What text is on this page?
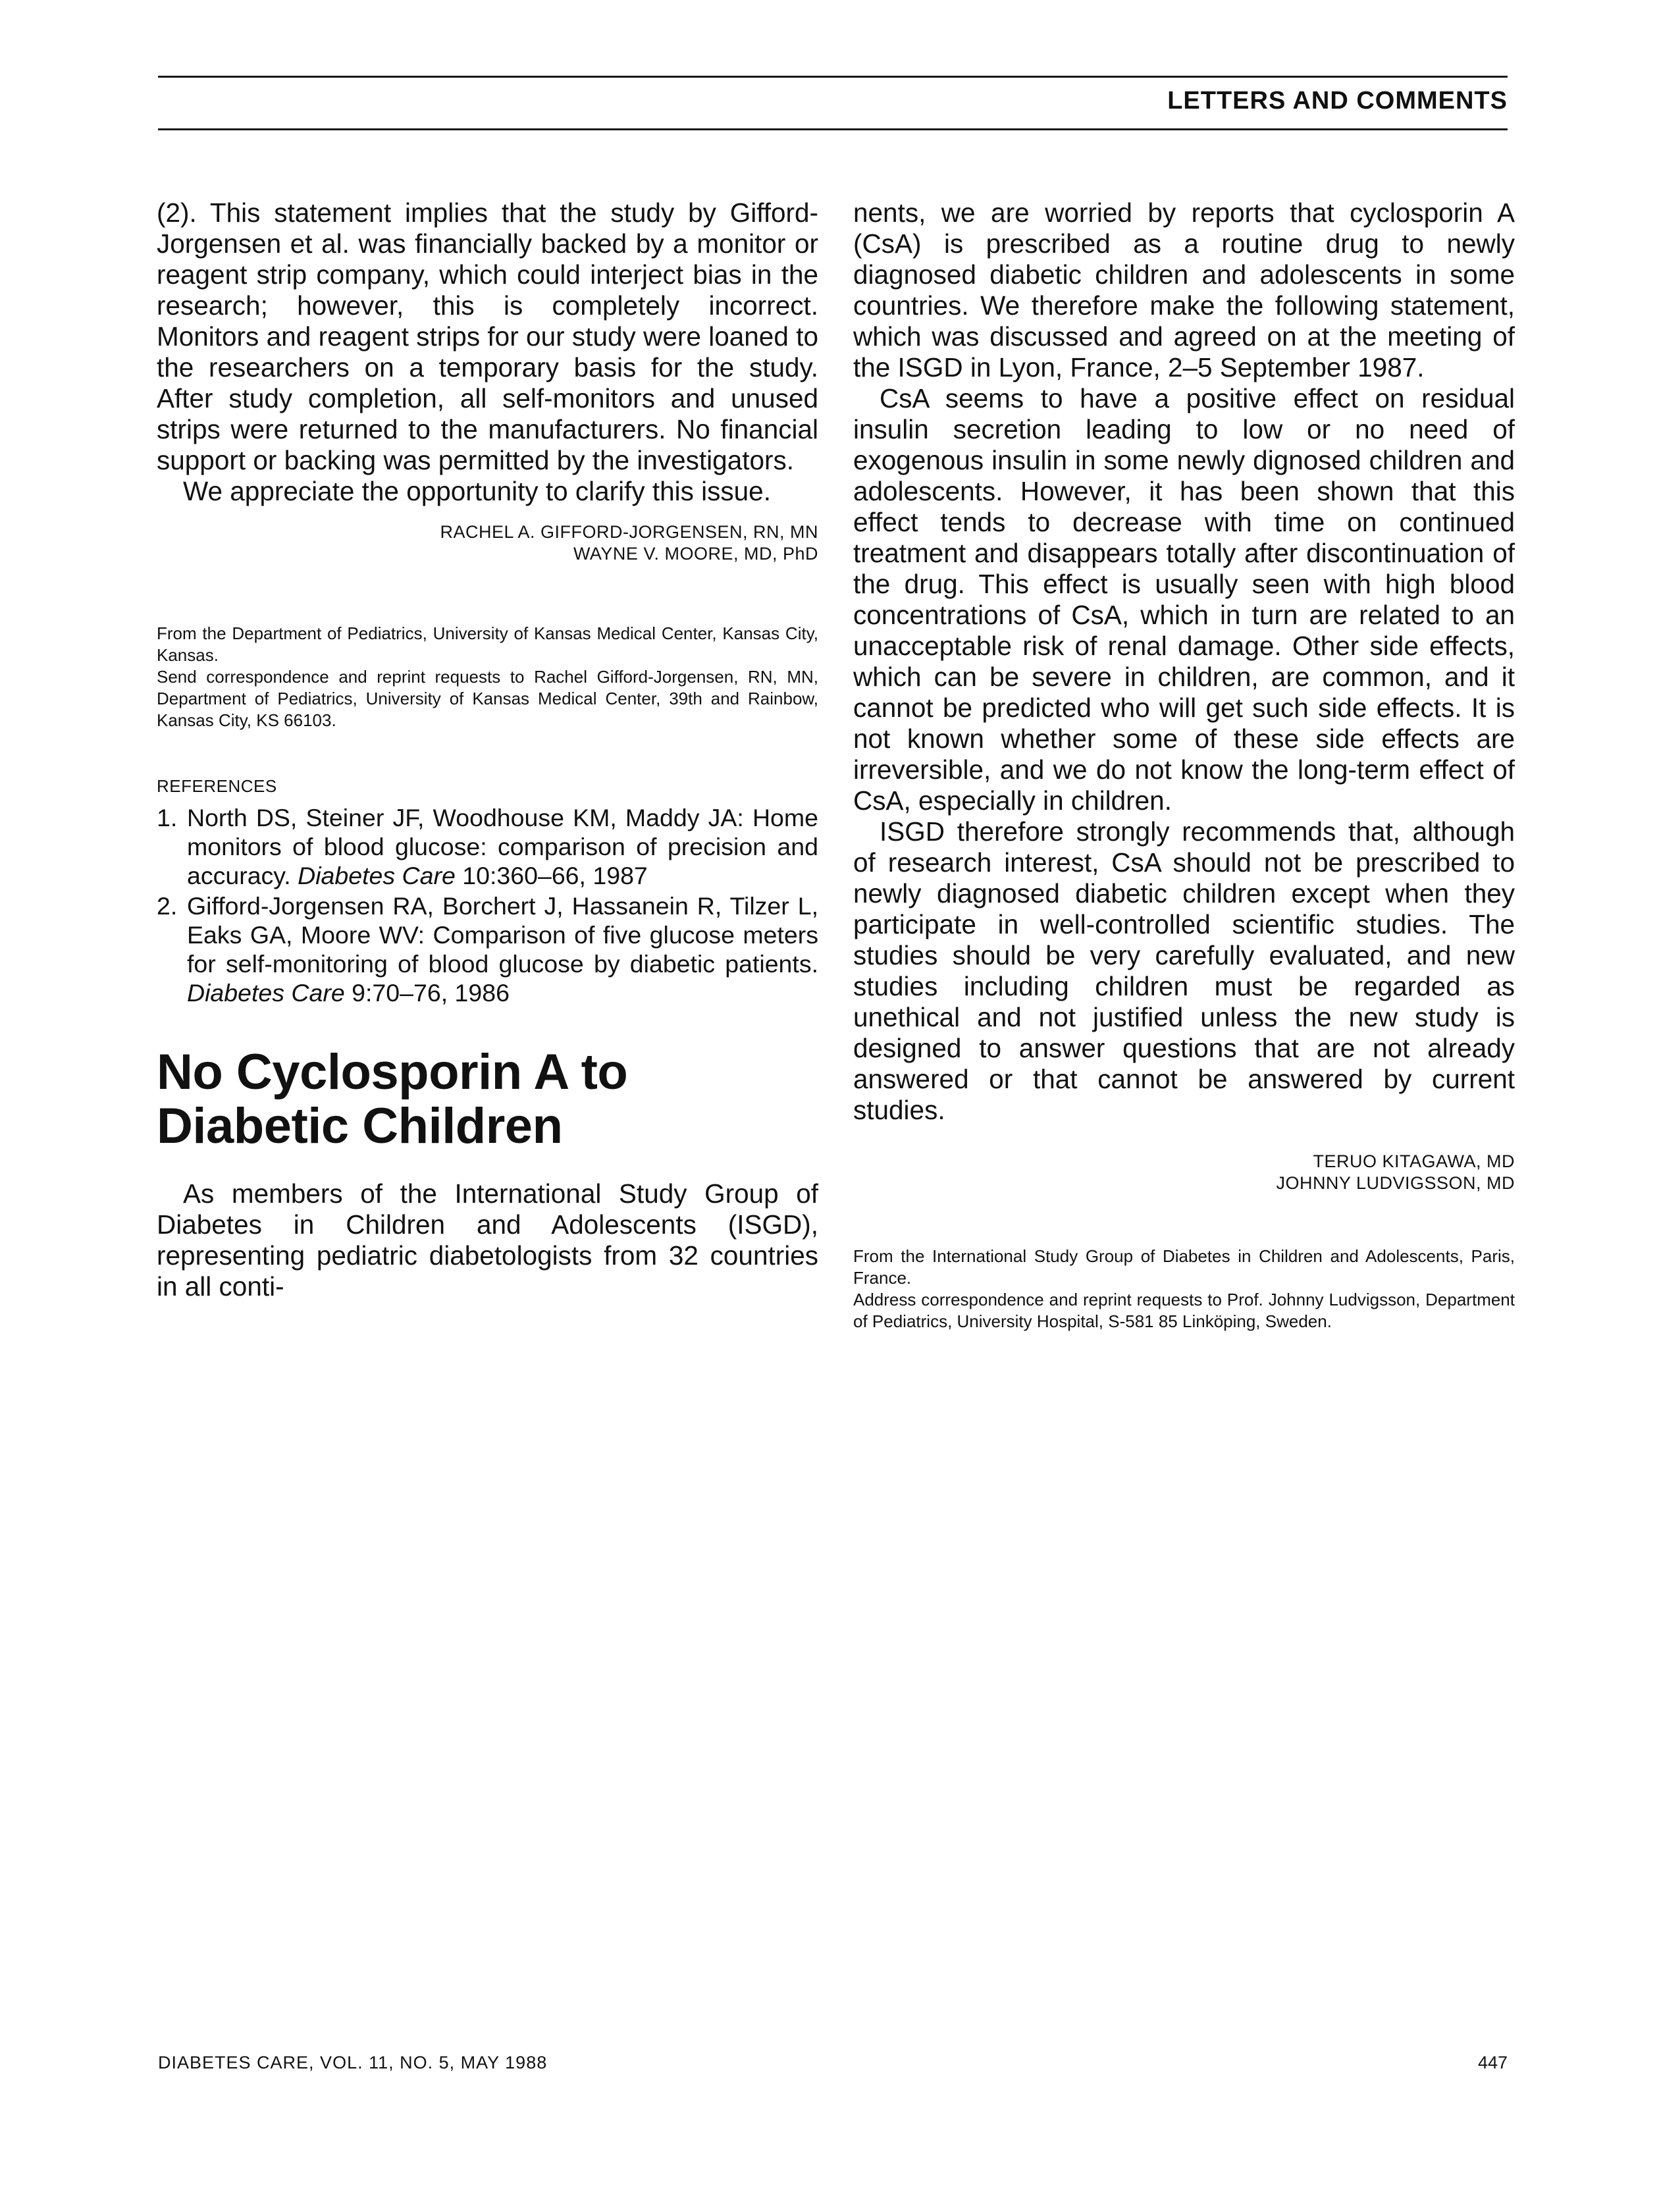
LETTERS AND COMMENTS

(2). This statement implies that the study by Gifford-Jorgensen et al. was financially backed by a monitor or reagent strip company, which could interject bias in the research; however, this is completely incorrect. Monitors and reagent strips for our study were loaned to the researchers on a temporary basis for the study. After study completion, all self-monitors and unused strips were returned to the manufacturers. No financial support or backing was permitted by the investigators.

We appreciate the opportunity to clarify this issue.

RACHEL A. GIFFORD-JORGENSEN, RN, MN
WAYNE V. MOORE, MD, PhD

From the Department of Pediatrics, University of Kansas Medical Center, Kansas City, Kansas.

Send correspondence and reprint requests to Rachel Gifford-Jorgensen, RN, MN, Department of Pediatrics, University of Kansas Medical Center, 39th and Rainbow, Kansas City, KS 66103.

REFERENCES
1. North DS, Steiner JF, Woodhouse KM, Maddy JA: Home monitors of blood glucose: comparison of precision and accuracy. Diabetes Care 10:360–66, 1987
2. Gifford-Jorgensen RA, Borchert J, Hassanein R, Tilzer L, Eaks GA, Moore WV: Comparison of five glucose meters for self-monitoring of blood glucose by diabetic patients. Diabetes Care 9:70–76, 1986
No Cyclosporin A to Diabetic Children

As members of the International Study Group of Diabetes in Children and Adolescents (ISGD), representing pediatric diabetologists from 32 countries in all conti-

nents, we are worried by reports that cyclosporin A (CsA) is prescribed as a routine drug to newly diagnosed diabetic children and adolescents in some countries. We therefore make the following statement, which was discussed and agreed on at the meeting of the ISGD in Lyon, France, 2–5 September 1987.

CsA seems to have a positive effect on residual insulin secretion leading to low or no need of exogenous insulin in some newly dignosed children and adolescents. However, it has been shown that this effect tends to decrease with time on continued treatment and disappears totally after discontinuation of the drug. This effect is usually seen with high blood concentrations of CsA, which in turn are related to an unacceptable risk of renal damage. Other side effects, which can be severe in children, are common, and it cannot be predicted who will get such side effects. It is not known whether some of these side effects are irreversible, and we do not know the long-term effect of CsA, especially in children.

ISGD therefore strongly recommends that, although of research interest, CsA should not be prescribed to newly diagnosed diabetic children except when they participate in well-controlled scientific studies. The studies should be very carefully evaluated, and new studies including children must be regarded as unethical and not justified unless the new study is designed to answer questions that are not already answered or that cannot be answered by current studies.

TERUO KITAGAWA, MD
JOHNNY LUDVIGSSON, MD

From the International Study Group of Diabetes in Children and Adolescents, Paris, France.

Address correspondence and reprint requests to Prof. Johnny Ludvigsson, Department of Pediatrics, University Hospital, S-581 85 Linköping, Sweden.

DIABETES CARE, VOL. 11, NO. 5, MAY 1988	447
